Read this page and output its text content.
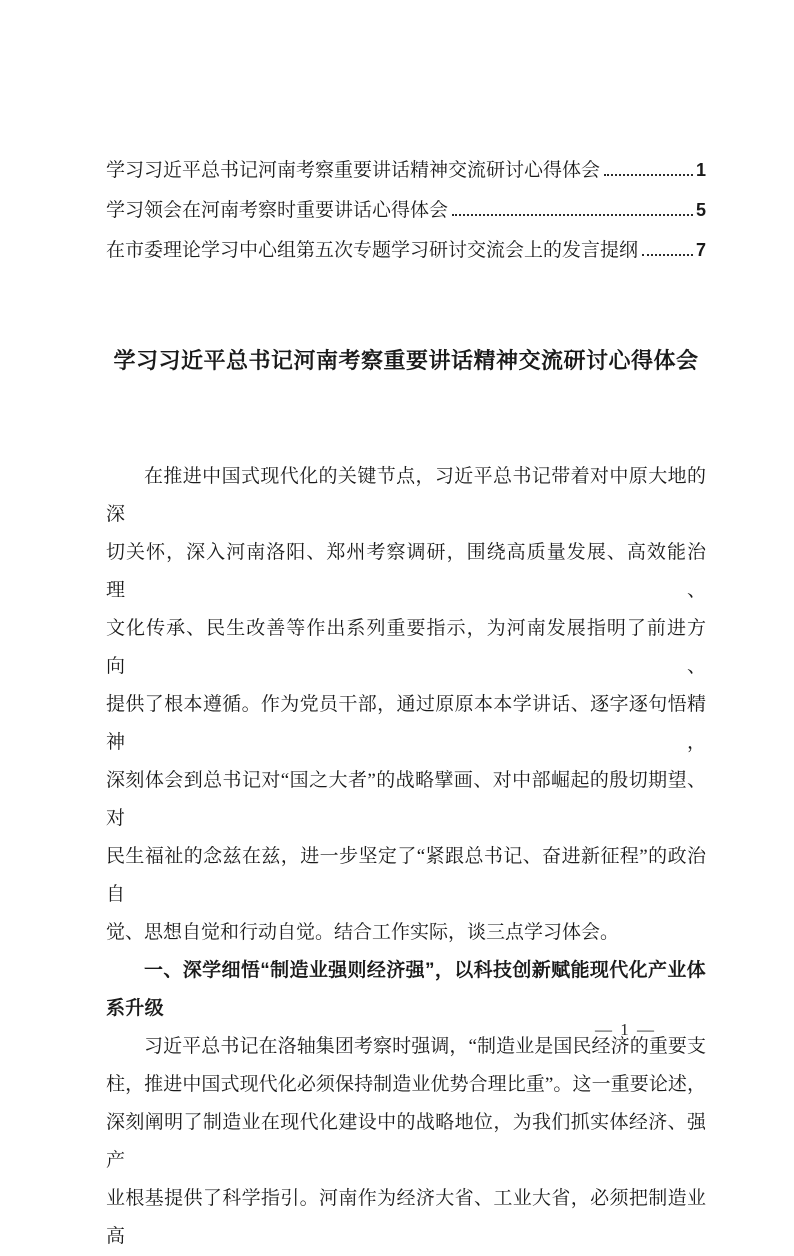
学习习近平总书记河南考察重要讲话精神交流研讨心得体会	1
学习领会在河南考察时重要讲话心得体会	5
在市委理论学习中心组第五次专题学习研讨交流会上的发言提纲	7
学习习近平总书记河南考察重要讲话精神交流研讨心得体会
在推进中国式现代化的关键节点，习近平总书记带着对中原大地的深
切关怀，深入河南洛阳、郑州考察调研，围绕高质量发展、高效能治理、
文化传承、民生改善等作出系列重要指示，为河南发展指明了前进方向、
提供了根本遵循。作为党员干部，通过原原本本学讲话、逐字逐句悟精神，
深刻体会到总书记对“国之大者”的战略擘画、对中部崛起的殷切期望、对
民生福祉的念兹在兹，进一步坚定了“紧跟总书记、奋进新征程”的政治自
觉、思想自觉和行动自觉。结合工作实际，谈三点学习体会。
一、深学细悟“制造业强则经济强”，以科技创新赋能现代化产业体
系升级
习近平总书记在洛轴集团考察时强调，“制造业是国民经济的重要支
柱，推进中国式现代化必须保持制造业优势合理比重”。这一重要论述，
深刻阐明了制造业在现代化建设中的战略地位，为我们抓实体经济、强产
业根基提供了科学指引。河南作为经济大省、工业大省，必须把制造业高
— 1 —
